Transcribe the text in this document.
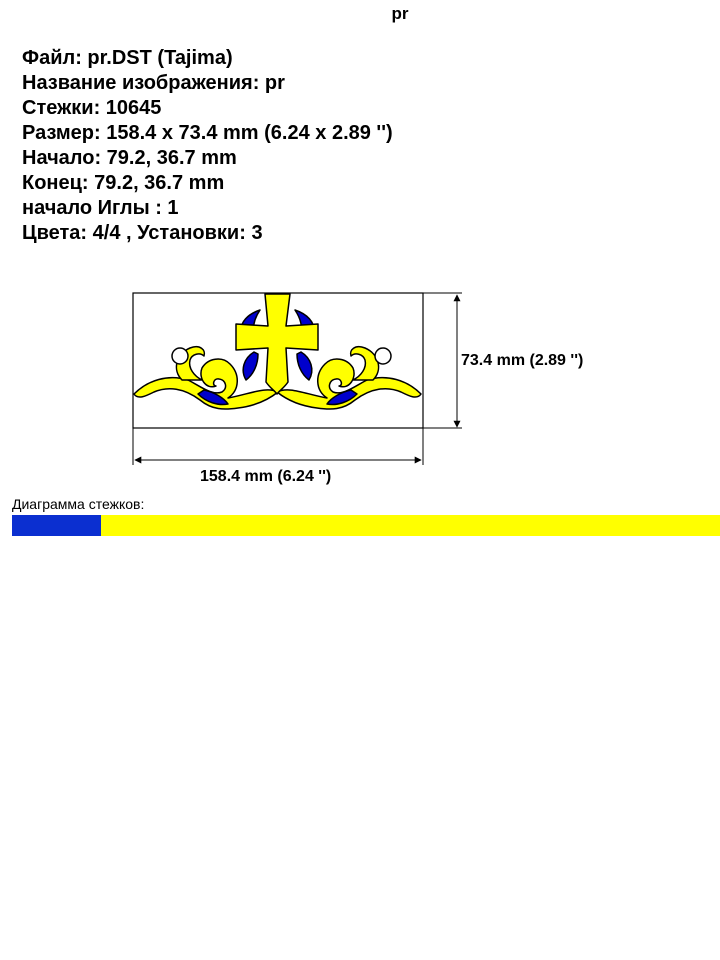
pr
Файл: pr.DST (Tajima)
Название изображения: pr
Стежки: 10645
Размер: 158.4 x 73.4 mm (6.24 x 2.89 '')
Начало: 79.2, 36.7 mm
Конец: 79.2, 36.7 mm
начало Иглы : 1
Цвета: 4/4 , Установки: 3
73.4 mm (2.89 '')
158.4 mm (6.24 '')
Диаграмма стежков:
